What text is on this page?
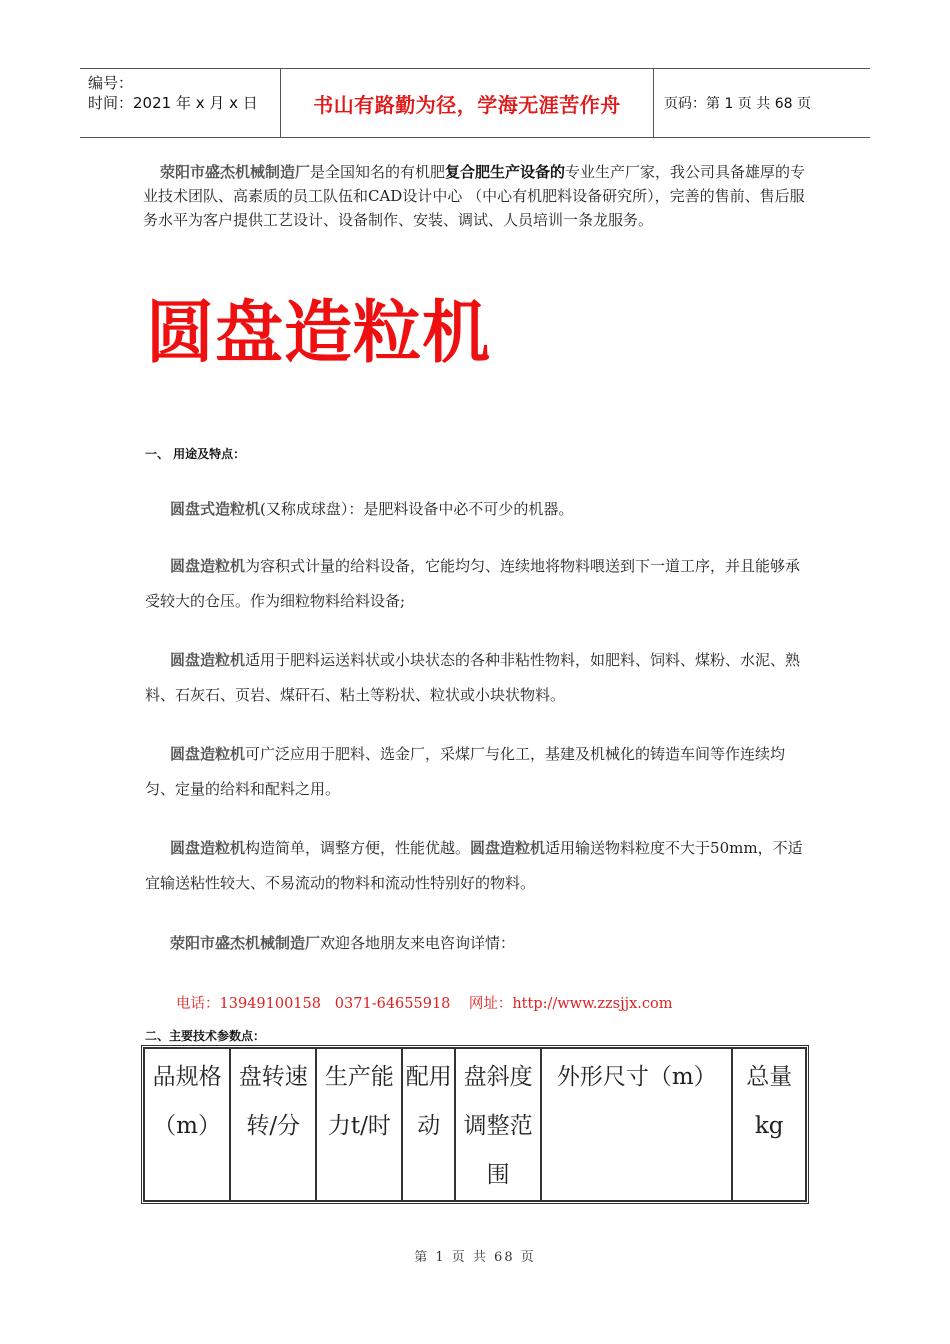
编号：
时间：2021 年 x 月 x 日	书山有路勤为径，学海无涯苦作舟	页码：第 1 页 共 68 页
荥阳市盛杰机械制造厂是全国知名的有机肥复合肥生产设备的专业生产厂家，我公司具备雄厚的专业技术团队、高素质的员工队伍和CAD设计中心 （中心有机肥料设备研究所），完善的售前、售后服务水平为客户提供工艺设计、设备制作、安装、调试、人员培训一条龙服务。
圆盘造粒机
一、 用途及特点：
圆盘式造粒机(又称成球盘）：是肥料设备中必不可少的机器。
圆盘造粒机为容积式计量的给料设备，它能均匀、连续地将物料喂送到下一道工序，并且能够承受较大的仓压。作为细粒物料给料设备;
圆盘造粒机适用于肥料运送料状或小块状态的各种非粘性物料，如肥料、饲料、煤粉、水泥、熟料、石灰石、页岩、煤矸石、粘土等粉状、粒状或小块状物料。
圆盘造粒机可广泛应用于肥料、选金厂，采煤厂与化工，基建及机械化的铸造车间等作连续均匀、定量的给料和配料之用。
圆盘造粒机构造简单，调整方便，性能优越。圆盘造粒机适用输送物料粒度不大于50mm，不适宜输送粘性较大、不易流动的物料和流动性特别好的物料。
荥阳市盛杰机械制造厂欢迎各地朋友来电咨询详情：
电话：13949100158   0371-64655918    网址：http://www.zzsjjx.com
二、主要技术参数点：
品规格（m）	盘转速转/分	生产能力t/时	配用动	盘斜度调整范围	外形尺寸（m）	总量kg
第 1 页 共 68 页
